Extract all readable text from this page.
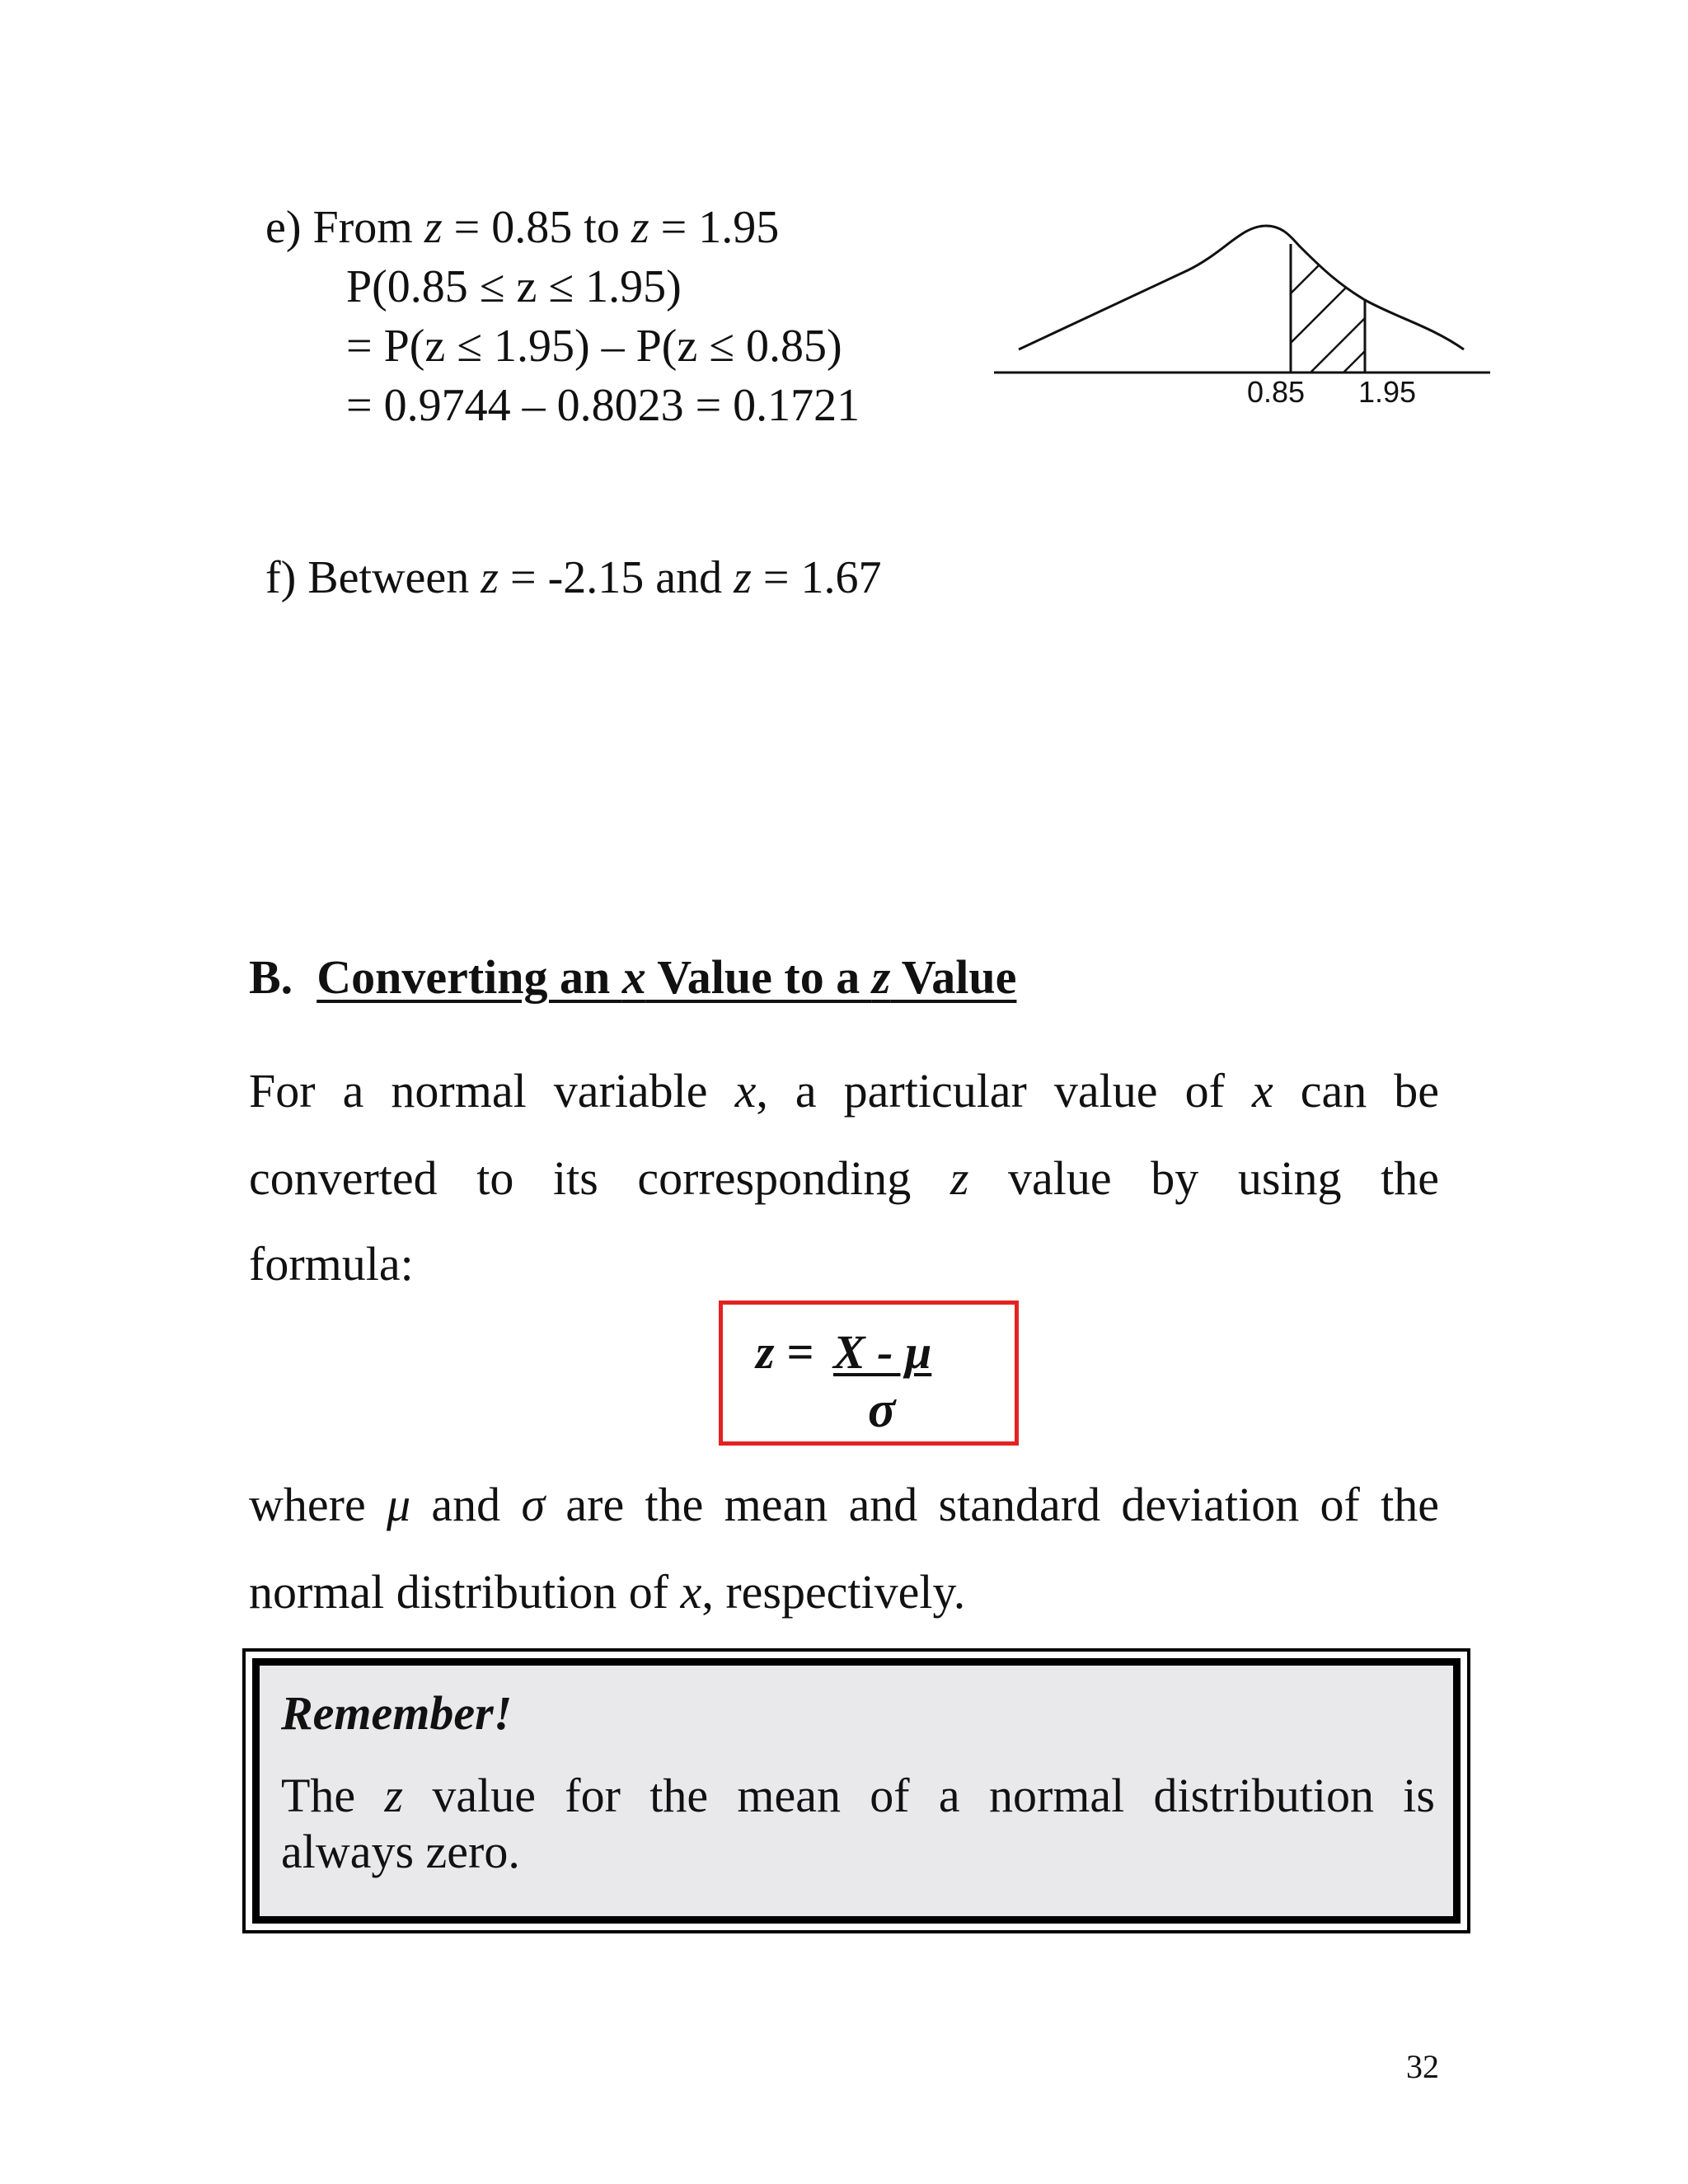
e) From z = 0.85 to z = 1.95
P(0.85 ≤ z ≤ 1.95)
= P(z ≤ 1.95) – P(z ≤ 0.85)
= 0.9744 – 0.8023 = 0.1721	0.85 1.95
f) Between z = -2.15 and z = 1.67
B. Converting an x Value to a z Value
For a normal variable x, a particular value of x can be
converted to its corresponding z value by using the
formula:
z = X - μ
σ
where μ and σ are the mean and standard deviation of the
normal distribution of x, respectively.
Remember!
The z value for the mean of a normal distribution is
always zero.
32
